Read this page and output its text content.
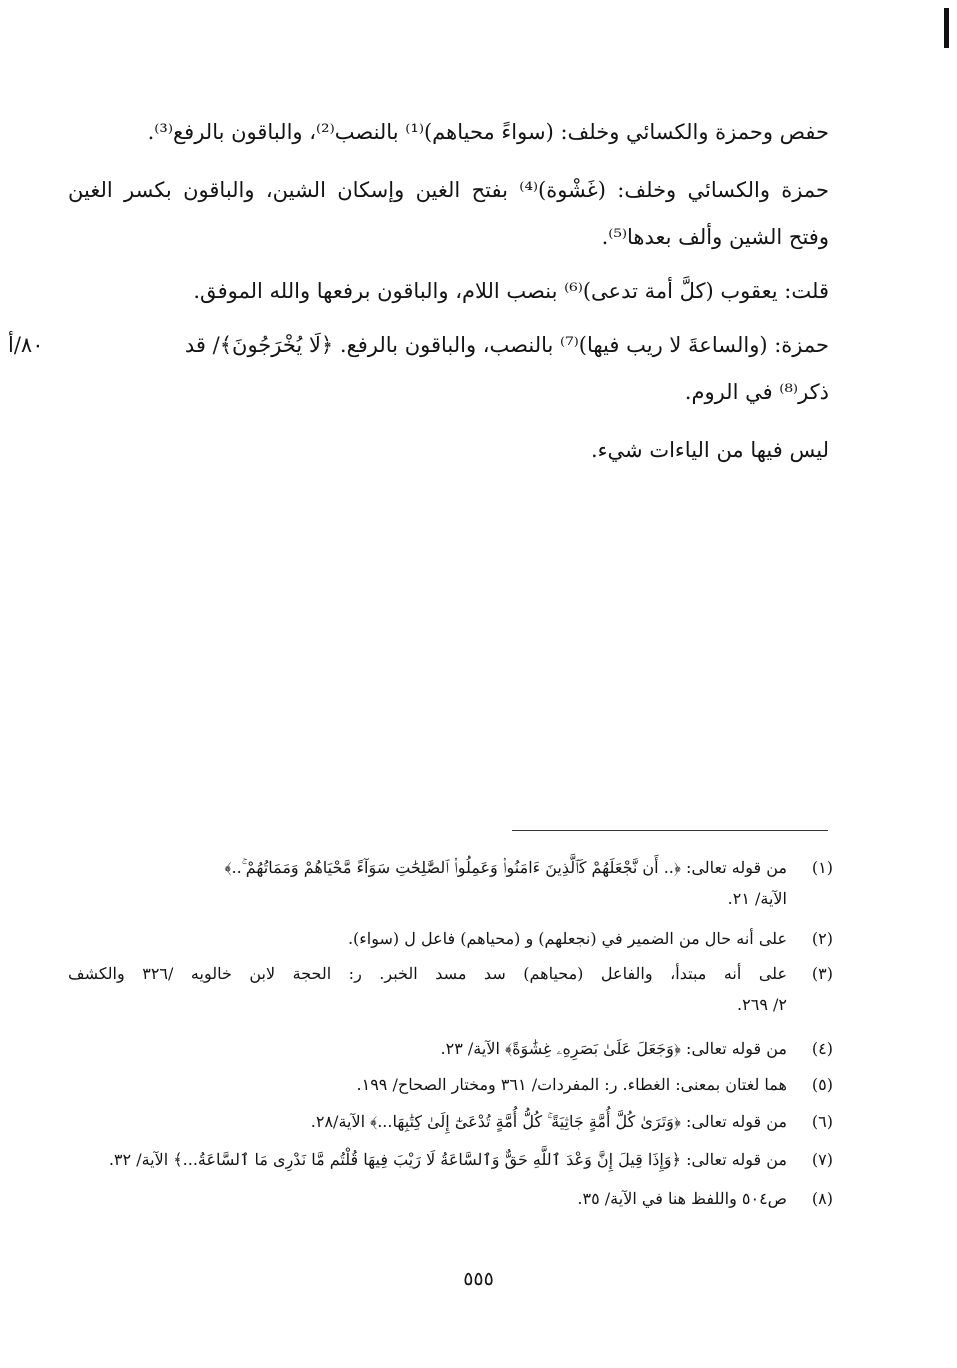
حفص وحمزة والكسائي وخلف: (سواءً محياهم)⁽¹⁾ بالنصب⁽²⁾، والباقون بالرفع⁽³⁾.
حمزة والكسائي وخلف: (غَشْوة)⁽⁴⁾ بفتح الغين وإسكان الشين، والباقون بكسر الغين
وفتح الشين وألف بعدها⁽⁵⁾.
قلت: يعقوب (كلَّ أمة تدعى)⁽⁶⁾ بنصب اللام، والباقون برفعها والله الموفق.
حمزة: (والساعةَ لا ريب فيها)⁽⁷⁾ بالنصب، والباقون بالرفع. ﴿لَا يُخْرَجُونَ﴾/ قد
٨٠/أ
ذكر⁽⁸⁾ في الروم.
ليس فيها من الياءات شيء.
(١)من قوله تعالى: ﴿.. أَن نَّجْعَلَهُمْ كَٱلَّذِينَ ءَامَنُوا۟ وَعَمِلُوا۟ ٱلصَّٰلِحَٰتِ سَوَآءً مَّحْيَاهُمْ وَمَمَاتُهُمْ ۚ..﴾
الآية/ ٢١.
(٢)على أنه حال من الضمير في (نجعلهم) و (محياهم) فاعل ل (سواء).
(٣)على أنه مبتدأ، والفاعل (محياهم) سد مسد الخبر. ر: الحجة لابن خالويه /٣٢٦ والكشف
٢/ ٢٦٩.
(٤)من قوله تعالى: ﴿وَجَعَلَ عَلَىٰ بَصَرِهِۦ غِشَٰوَةً﴾ الآية/ ٢٣.
(٥)هما لغتان بمعنى: الغطاء. ر: المفردات/ ٣٦١ ومختار الصحاح/ ١٩٩.
(٦)من قوله تعالى: ﴿وَتَرَىٰ كُلَّ أُمَّةٍ جَاثِيَةً ۚ كُلُّ أُمَّةٍ تُدْعَىٰٓ إِلَىٰ كِتَٰبِهَا...﴾ الآية/٢٨.
(٧)من قوله تعالى: ﴿وَإِذَا قِيلَ إِنَّ وَعْدَ ٱللَّهِ حَقٌّ وَٱلسَّاعَةُ لَا رَيْبَ فِيهَا قُلْتُم مَّا نَدْرِى مَا ٱلسَّاعَةُ...﴾ الآية/ ٣٢.
(٨)ص٥٠٤ واللفظ هنا في الآية/ ٣٥.
٥٥٥
